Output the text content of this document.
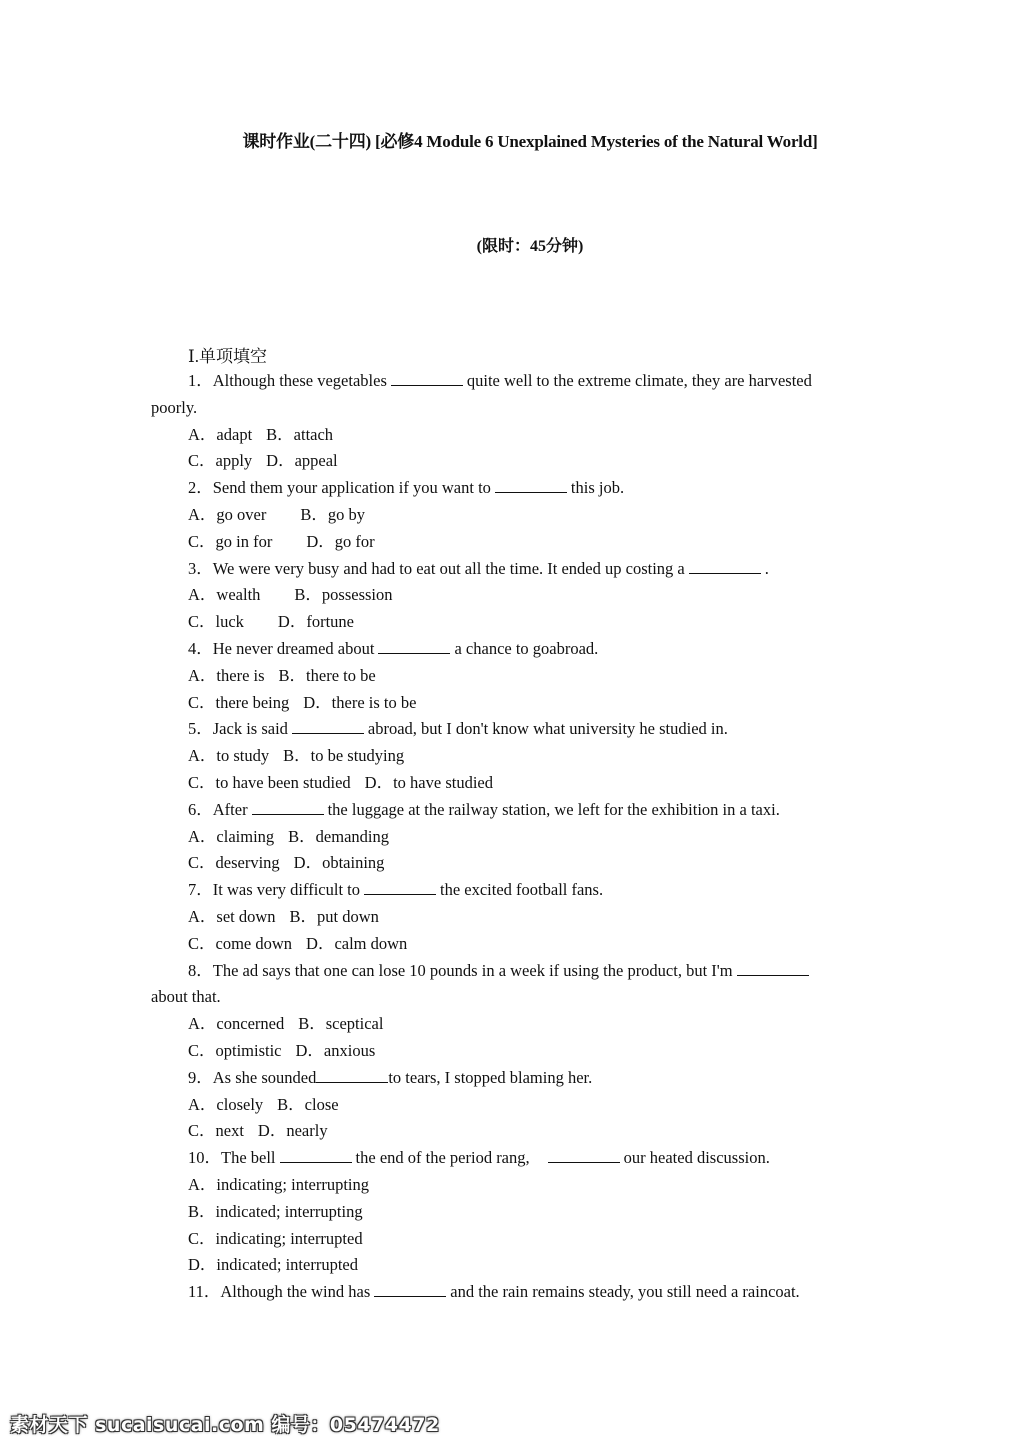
课时作业(二十四) [必修4 Module 6 Unexplained Mysteries of the Natural World]
(限时：45分钟)
Ⅰ.单项填空
1．Although these vegetables	quite well to the extreme climate, they are harvested
poorly.
A．adapt B．attach
C．apply D．appeal
2．Send them your application if you want to	this job.
A．go over B．go by
C．go in for D．go for
3．We were very busy and had to eat out all the time. It ended up costing a	.
A．wealth B．possession
C．luck D．fortune
4．He never dreamed about	a chance to goabroad.
A．there is B．there to be
C．there being D．there is to be
5．Jack is said	abroad, but I don't know what university he studied in.
A．to study B．to be studying
C．to have been studied D．to have studied
6．After	the luggage at the railway station, we left for the exhibition in a taxi.
A．claiming B．demanding
C．deserving D．obtaining
7．It was very difficult to	the excited football fans.
A．set down B．put down
C．come down D．calm down
8．The ad says that one can lose 10 pounds in a week if using the product, but I'm
about that.
A．concerned B．sceptical
C．optimistic D．anxious
9．As she sounded	to tears, I stopped blaming her.
A．closely B．close
C．next D．nearly
10．The bell	the end of the period rang,	our heated discussion.
A．indicating; interrupting
B．indicated; interrupting
C．indicating; interrupted
D．indicated; interrupted
11．Although the wind has	and the rain remains steady, you still need a raincoat.
素材天下 sucaisucai.com 编号：05474472
